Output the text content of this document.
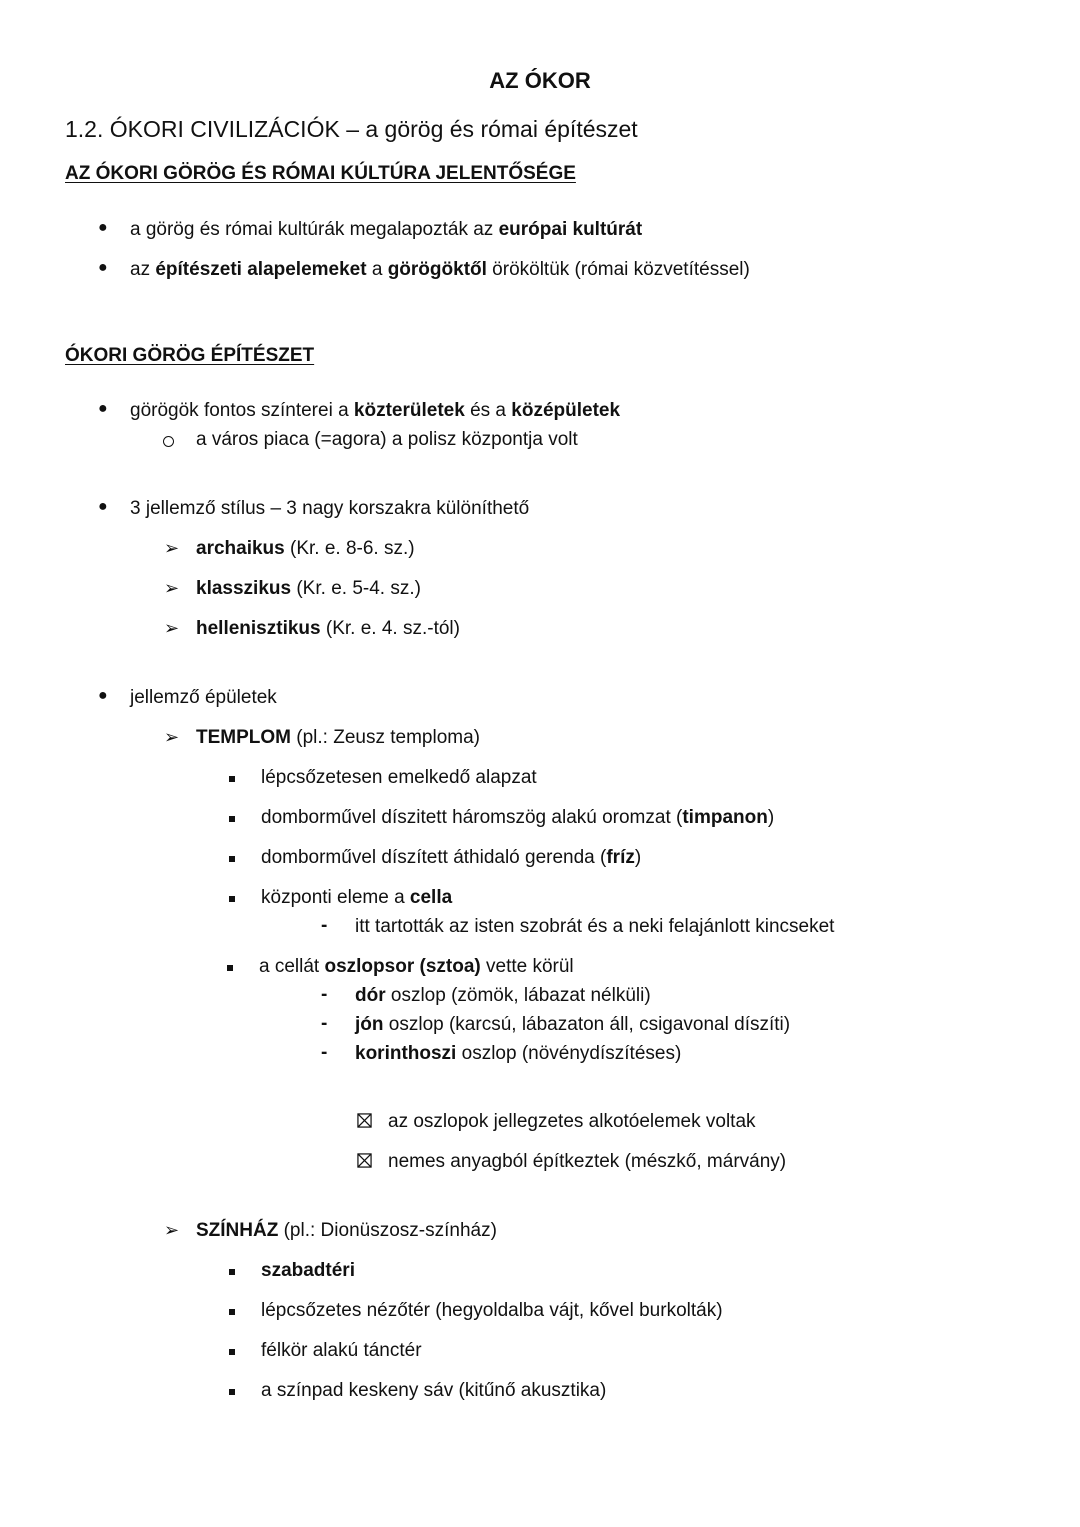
AZ ÓKOR
1.2. ÓKORI CIVILIZÁCIÓK – a görög és római építészet
AZ ÓKORI GÖRÖG ÉS RÓMAI KÚLTÚRA JELENTŐSÉGE
ÓKORI GÖRÖG ÉPÍTÉSZET
● a görög és római kultúrák megalapozták az európai kultúrát
● az építészeti alapelemeket a görögöktől örököltük (római közvetítéssel)
● görögök fontos színterei a közterületek és a középületek
a város piaca (=agora) a polisz központja volt
● 3 jellemző stílus – 3 nagy korszakra különíthető
➢ archaikus (Kr. e. 8-6. sz.)
➢ klasszikus (Kr. e. 5-4. sz.)
➢ hellenisztikus (Kr. e. 4. sz.-tól)
● jellemző épületek
➢ TEMPLOM (pl.: Zeusz temploma)
lépcsőzetesen emelkedő alapzat
domborművel díszitett háromszög alakú oromzat (timpanon)
domborművel díszített áthidaló gerenda (fríz)
központi eleme a cella
- itt tartották az isten szobrát és a neki felajánlott kincseket
a cellát oszlopsor (sztoa) vette körül
- dór oszlop (zömök, lábazat nélküli)
- jón oszlop (karcsú, lábazaton áll, csigavonal díszíti)
- korinthoszi oszlop (növénydíszítéses)
az oszlopok jellegzetes alkotóelemek voltak
nemes anyagból építkeztek (mészkő, márvány)
➢ SZÍNHÁZ (pl.: Dionüszosz-színház)
szabadtéri
lépcsőzetes nézőtér (hegyoldalba vájt, kővel burkolták)
félkör alakú tánctér
a színpad keskeny sáv (kitűnő akusztika)
